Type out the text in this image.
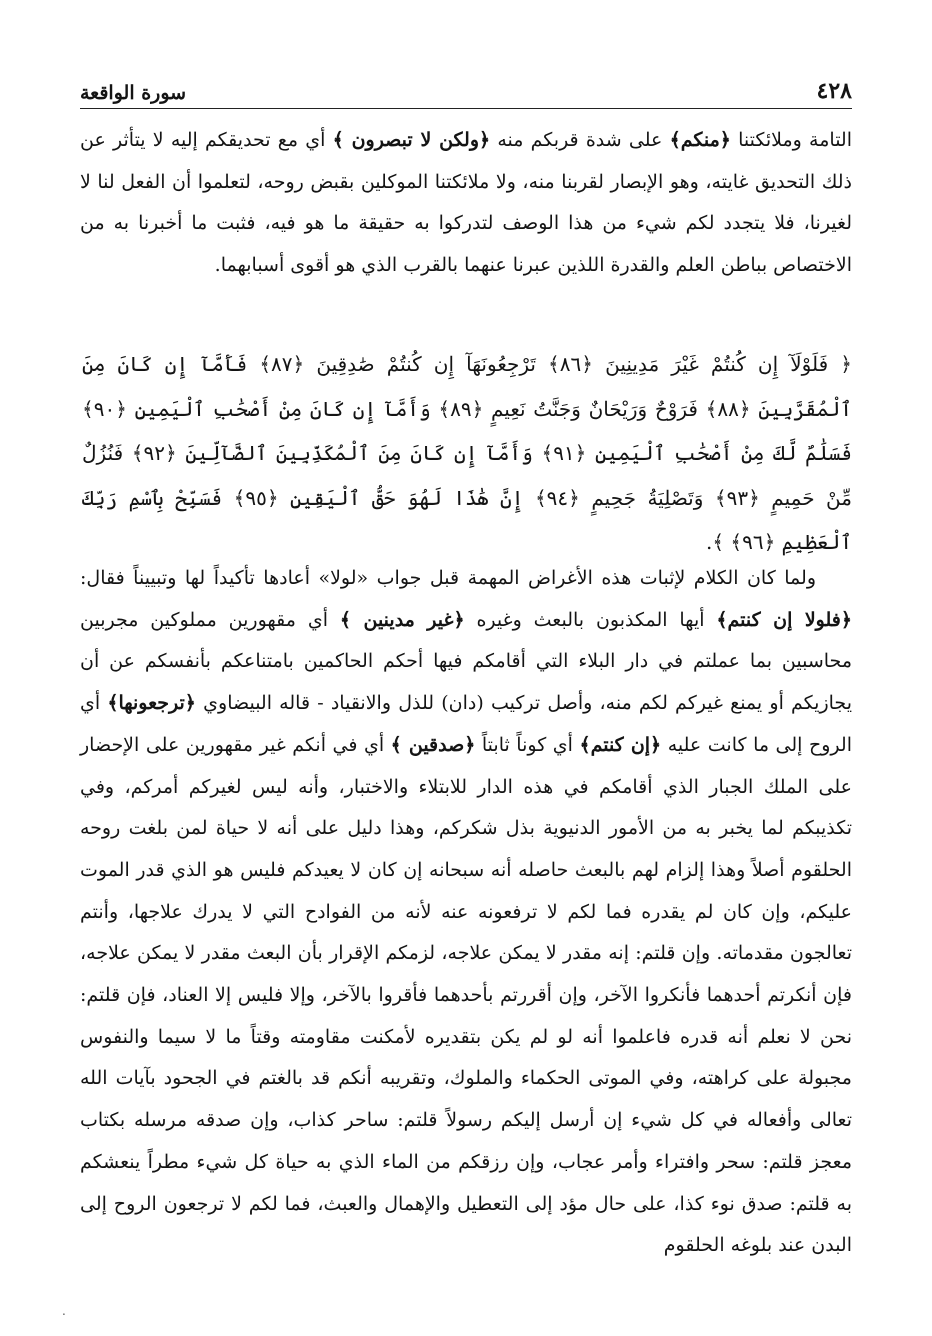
٤٢٨
سورة الواقعة

التامة وملائكتنا ﴿منكم﴾ على شدة قربكم منه ﴿ولكن لا تبصرون ﴾ أي مع تحديقكم إليه لا يتأثر عن ذلك التحديق غايته، وهو الإبصار لقربنا منه، ولا ملائكتنا الموكلين بقبض روحه، لتعلموا أن الفعل لنا لا لغيرنا، فلا يتجدد لكم شيء من هذا الوصف لتدركوا به حقيقة ما هو فيه، فثبت ما أخبرنا به من الاختصاص بباطن العلم والقدرة اللذين عبرنا عنهما بالقرب الذي هو أقوى أسبابهما.

﴿ فَلَوْلَآ إِن كُنتُمْ غَيْرَ مَدِينِينَ ﴿٨٦﴾ تَرْجِعُونَهَآ إِن كُنتُمْ صَٰدِقِينَ ﴿٨٧﴾ فَأَمَّآ إِن كَانَ مِنَ ٱلْمُقَرَّبِينَ ﴿٨٨﴾ فَرَوْحٌ وَرَيْحَانٌ وَجَنَّتُ نَعِيمٍ ﴿٨٩﴾ وَأَمَّآ إِن كَانَ مِنْ أَصْحَٰبِ ٱلْيَمِينِ ﴿٩٠﴾ فَسَلَٰمٌ لَّكَ مِنْ أَصْحَٰبِ ٱلْيَمِينِ ﴿٩١﴾ وَأَمَّآ إِن كَانَ مِنَ ٱلْمُكَذِّبِينَ ٱلضَّآلِّينَ ﴿٩٢﴾ فَنُزُلٌ مِّنْ حَمِيمٍ ﴿٩٣﴾ وَتَصْلِيَةُ جَحِيمٍ ﴿٩٤﴾ إِنَّ هَٰذَا لَهُوَ حَقُّ ٱلْيَقِينِ ﴿٩٥﴾ فَسَبِّحْ بِٱسْمِ رَبِّكَ ٱلْعَظِيمِ ﴿٩٦﴾ ﴾.

ولما كان الكلام لإثبات هذه الأغراض المهمة قبل جواب «لولا» أعادها تأكيداً لها وتبييناً فقال: ﴿فلولا إن كنتم﴾ أيها المكذبون بالبعث وغيره ﴿غير مدينين ﴾ أي مقهورين مملوكين مجربين محاسبين بما عملتم في دار البلاء التي أقامكم فيها أحكم الحاكمين بامتناعكم بأنفسكم عن أن يجازيكم أو يمنع غيركم لكم منه، وأصل تركيب (دان) للذل والانقياد - قاله البيضاوي ﴿ترجعونها﴾ أي الروح إلى ما كانت عليه ﴿إن كنتم﴾ أي كوناً ثابتاً ﴿صدقين ﴾ أي في أنكم غير مقهورين على الإحضار على الملك الجبار الذي أقامكم في هذه الدار للابتلاء والاختبار، وأنه ليس لغيركم أمركم، وفي تكذيبكم لما يخبر به من الأمور الدنيوية بذل شكركم، وهذا دليل على أنه لا حياة لمن بلغت روحه الحلقوم أصلاً وهذا إلزام لهم بالبعث حاصله أنه سبحانه إن كان لا يعيدكم فليس هو الذي قدر الموت عليكم، وإن كان لم يقدره فما لكم لا ترفعونه عنه لأنه من الفوادح التي لا يدرك علاجها، وأنتم تعالجون مقدماته. وإن قلتم: إنه مقدر لا يمكن علاجه، لزمكم الإقرار بأن البعث مقدر لا يمكن علاجه، فإن أنكرتم أحدهما فأنكروا الآخر، وإن أقررتم بأحدهما فأقروا بالآخر، وإلا فليس إلا العناد، فإن قلتم: نحن لا نعلم أنه قدره فاعلموا أنه لو لم يكن بتقديره لأمكنت مقاومته وقتاً ما لا سيما والنفوس مجبولة على كراهته، وفي الموتى الحكماء والملوك، وتقريبه أنكم قد بالغتم في الجحود بآيات الله تعالى وأفعاله في كل شيء إن أرسل إليكم رسولاً قلتم: ساحر كذاب، وإن صدقه مرسله بكتاب معجز قلتم: سحر وافتراء وأمر عجاب، وإن رزقكم من الماء الذي به حياة كل شيء مطراً ينعشكم به قلتم: صدق نوء كذا، على حال مؤد إلى التعطيل والإهمال والعبث، فما لكم لا ترجعون الروح إلى البدن عند بلوغه الحلقوم

.
